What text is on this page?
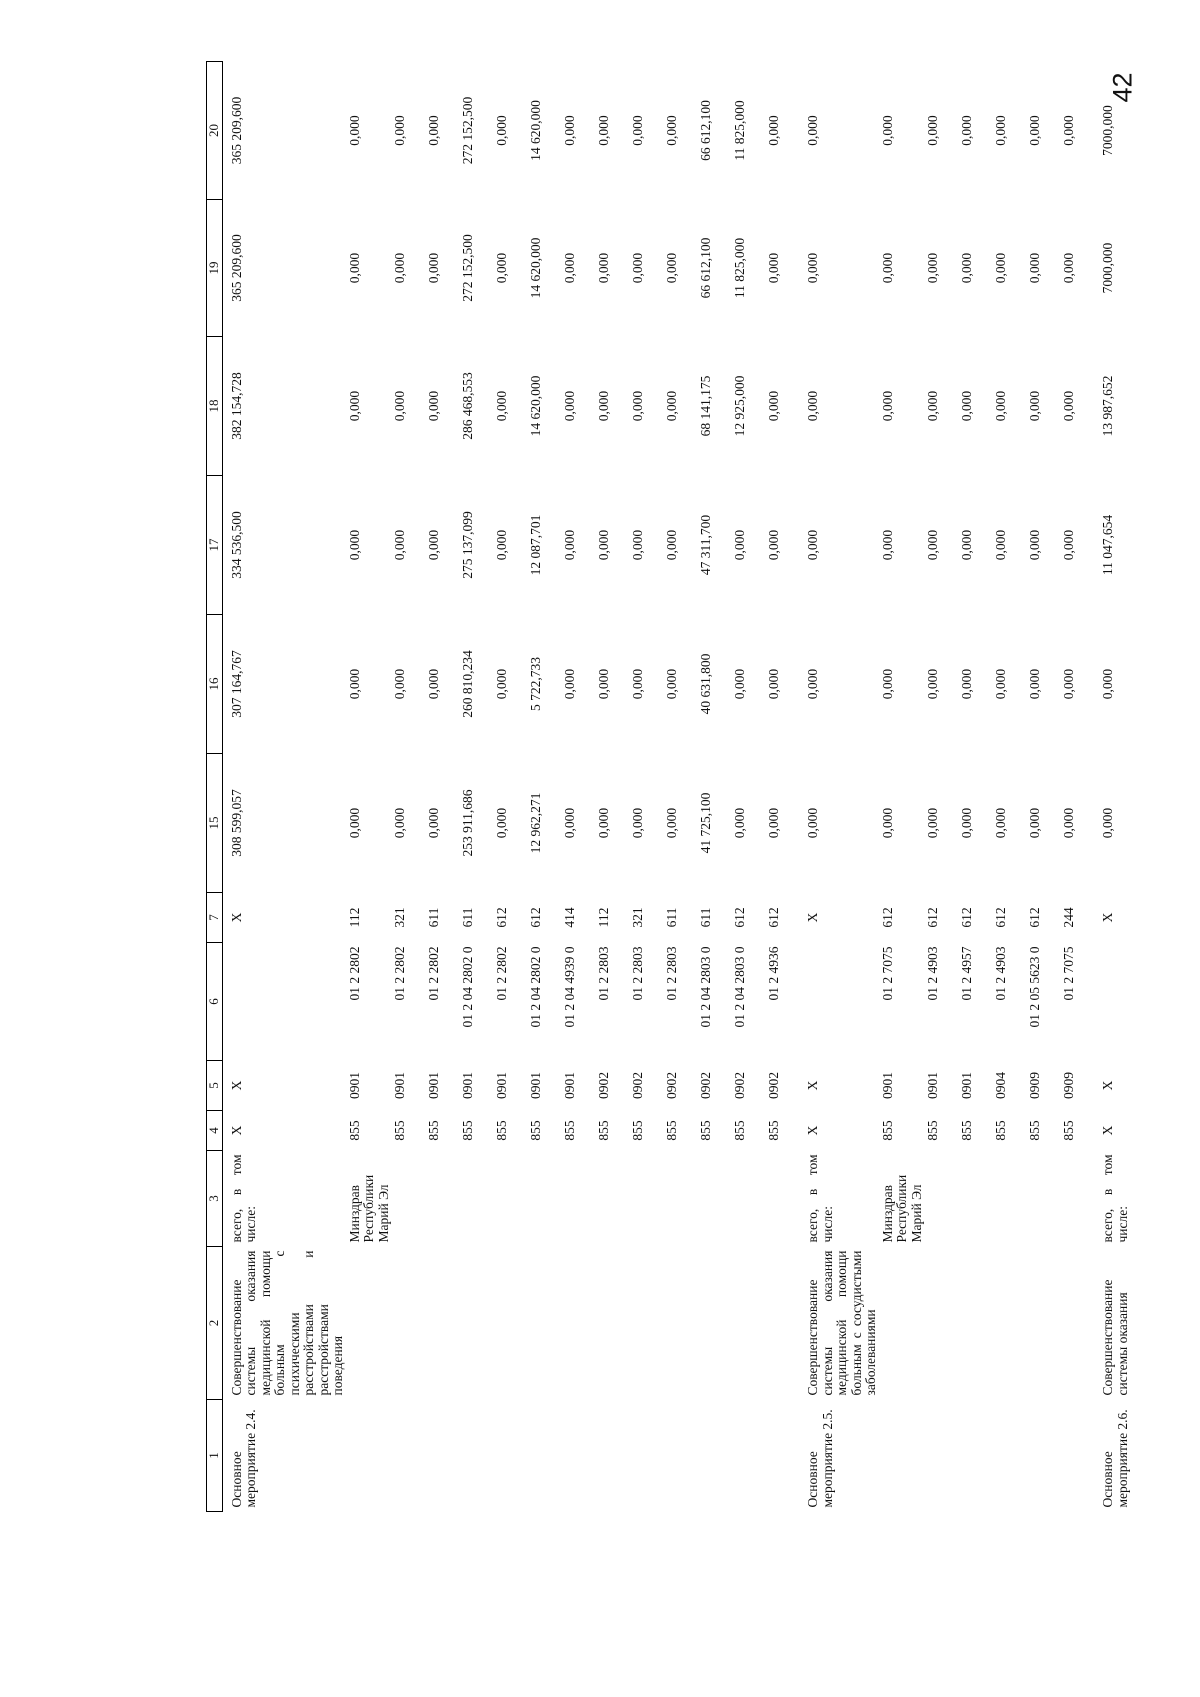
42
1	2	3	4	5	6	7	15	16	17	18	19	20
Основное мероприятие 2.4.	Совершенствование системы оказания медицинской помощи больным с психическими расстройствами и расстройствами поведения	всего, в том числе:	X	X		X	308 599,057	307 164,767	334 536,500	382 154,728	365 209,600	365 209,600
		Минздрав Республики Марий Эл	855	0901	01 2 2802	112	0,000	0,000	0,000	0,000	0,000	0,000
			855	0901	01 2 2802	321	0,000	0,000	0,000	0,000	0,000	0,000
			855	0901	01 2 2802	611	0,000	0,000	0,000	0,000	0,000	0,000
			855	0901	01 2 04 2802 0	611	253 911,686	260 810,234	275 137,099	286 468,553	272 152,500	272 152,500
			855	0901	01 2 2802	612	0,000	0,000	0,000	0,000	0,000	0,000
			855	0901	01 2 04 2802 0	612	12 962,271	5 722,733	12 087,701	14 620,000	14 620,000	14 620,000
			855	0901	01 2 04 4939 0	414	0,000	0,000	0,000	0,000	0,000	0,000
			855	0902	01 2 2803	112	0,000	0,000	0,000	0,000	0,000	0,000
			855	0902	01 2 2803	321	0,000	0,000	0,000	0,000	0,000	0,000
			855	0902	01 2 2803	611	0,000	0,000	0,000	0,000	0,000	0,000
			855	0902	01 2 04 2803 0	611	41 725,100	40 631,800	47 311,700	68 141,175	66 612,100	66 612,100
			855	0902	01 2 04 2803 0	612	0,000	0,000	0,000	12 925,000	11 825,000	11 825,000
			855	0902	01 2 4936	612	0,000	0,000	0,000	0,000	0,000	0,000
Основное мероприятие 2.5.	Совершенствование системы оказания медицинской помощи больным с сосудистыми заболеваниями	всего, в том числе:	X	X		X	0,000	0,000	0,000	0,000	0,000	0,000
		Минздрав Республики Марий Эл	855	0901	01 2 7075	612	0,000	0,000	0,000	0,000	0,000	0,000
			855	0901	01 2 4903	612	0,000	0,000	0,000	0,000	0,000	0,000
			855	0901	01 2 4957	612	0,000	0,000	0,000	0,000	0,000	0,000
			855	0904	01 2 4903	612	0,000	0,000	0,000	0,000	0,000	0,000
			855	0909	01 2 05 5623 0	612	0,000	0,000	0,000	0,000	0,000	0,000
			855	0909	01 2 7075	244	0,000	0,000	0,000	0,000	0,000	0,000
Основное мероприятие 2.6.	Совершенствование системы оказания	всего, в том числе:	X	X		X	0,000	0,000	11 047,654	13 987,652	7000,000	7000,000
